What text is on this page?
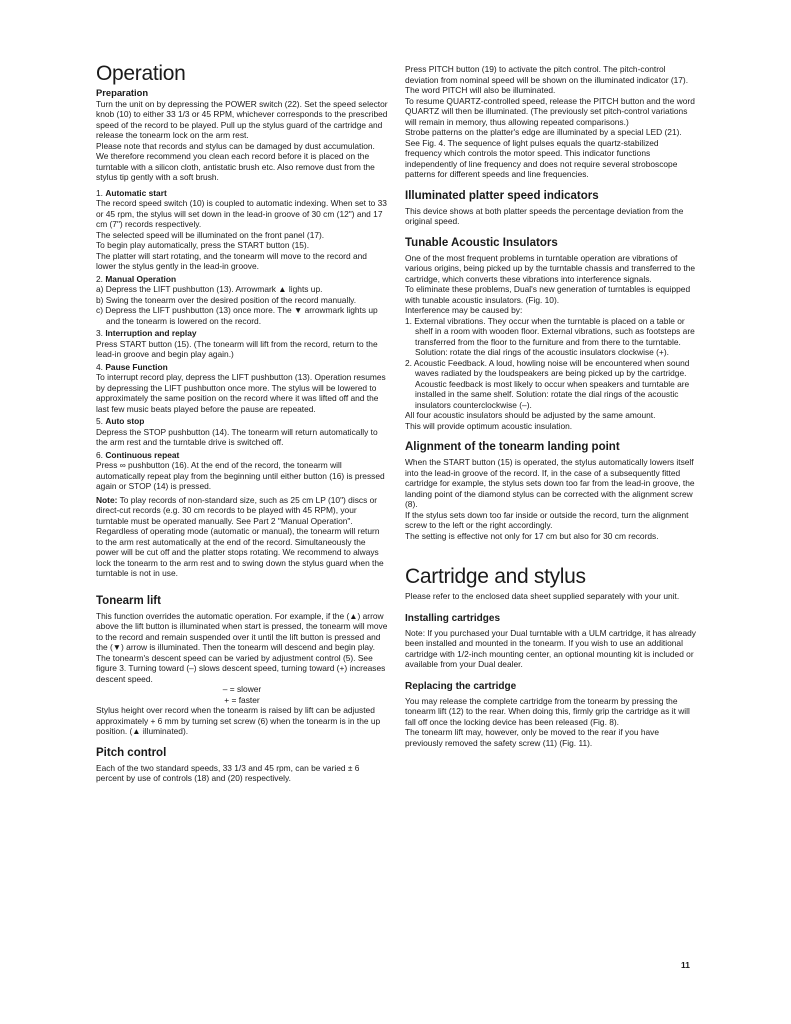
Operation
Preparation

Turn the unit on by depressing the POWER switch (22). Set the speed selector knob (10) to either 33 1/3 or 45 RPM, whichever corresponds to the prescribed speed of the record to be played. Pull up the stylus guard of the cartridge and release the tonearm lock on the arm rest.

Please note that records and stylus can be damaged by dust accumulation. We therefore recommend you clean each record before it is placed on the turntable with a silicon cloth, antistatic brush etc. Also remove dust from the stylus tip gently with a soft brush.

1. Automatic start

The record speed switch (10) is coupled to automatic indexing. When set to 33 or 45 rpm, the stylus will set down in the lead-in groove of 30 cm (12") and 17 cm (7") records respectively.

The selected speed will be illuminated on the front panel (17).

To begin play automatically, press the START button (15).

The platter will start rotating, and the tonearm will move to the record and lower the stylus gently in the lead-in groove.

2. Manual Operation

a) Depress the LIFT pushbutton (13). Arrowmark ▲ lights up.

b) Swing the tonearm over the desired position of the record manually.

c) Depress the LIFT pushbutton (13) once more. The ▼ arrowmark lights up and the tonearm is lowered on the record.

3. Interruption and replay

Press START button (15). (The tonearm will lift from the record, return to the lead-in groove and begin play again.)

4. Pause Function

To interrupt record play, depress the LIFT pushbutton (13). Operation resumes by depressing the LIFT pushbutton once more. The stylus will be lowered to approximately the same position on the record where it was lifted off and the last few music beats played before the pause are repeated.

5. Auto stop

Depress the STOP pushbutton (14). The tonearm will return automatically to the arm rest and the turntable drive is switched off.

6. Continuous repeat

Press ∞ pushbutton (16). At the end of the record, the tonearm will automatically repeat play from the beginning until either button (16) is pressed again or STOP (14) is pressed.

Note: To play records of non-standard size, such as 25 cm LP (10") discs or direct-cut records (e.g. 30 cm records to be played with 45 RPM), your turntable must be operated manually. See Part 2 "Manual Operation".

Regardless of operating mode (automatic or manual), the tonearm will return to the arm rest automatically at the end of the record. Simultaneously the power will be cut off and the platter stops rotating. We recommend to always lock the tonearm to the arm rest and to swing down the stylus guard when the turntable is not in use.

Tonearm lift

This function overrides the automatic operation. For example, if the (▲) arrow above the lift button is illuminated when start is pressed, the tonearm will move to the record and remain suspended over it until the lift button is pressed and the (▼) arrow is illuminated. Then the tonearm will descend and begin play.

The tonearm's descent speed can be varied by adjustment control (5). See figure 3. Turning toward (–) slows descent speed, turning toward (+) increases descent speed.

– = slower

+ = faster

Stylus height over record when the tonearm is raised by lift can be adjusted approximately + 6 mm by turning set screw (6) when the tonearm is in the up position. (▲ illuminated).

Pitch control

Each of the two standard speeds, 33 1/3 and 45 rpm, can be varied ± 6 percent by use of controls (18) and (20) respectively.

Press PITCH button (19) to activate the pitch control. The pitch-control deviation from nominal speed will be shown on the illuminated indicator (17). The word PITCH will also be illuminated.

To resume QUARTZ-controlled speed, release the PITCH button and the word QUARTZ will then be illuminated. (The previously set pitch-control variations will remain in memory, thus allowing repeated comparisons.)

Strobe patterns on the platter's edge are illuminated by a special LED (21). See Fig. 4. The sequence of light pulses equals the quartz-stabilized frequency which controls the motor speed. This indicator functions independently of line frequency and does not require several stroboscope patterns for different speeds and line frequencies.

Illuminated platter speed indicators

This device shows at both platter speeds the percentage deviation from the original speed.

Tunable Acoustic Insulators

One of the most frequent problems in turntable operation are vibrations of various origins, being picked up by the turntable chassis and transferred to the cartridge, which converts these vibrations into interference signals.

To eliminate these problems, Dual's new generation of turntables is equipped with tunable acoustic insulators. (Fig. 10).

Interference may be caused by:

1. External vibrations. They occur when the turntable is placed on a table or shelf in a room with wooden floor. External vibrations, such as footsteps are transferred from the floor to the furniture and from there to the turntable. Solution: rotate the dial rings of the acoustic insulators clockwise (+).

2. Acoustic Feedback. A loud, howling noise will be encountered when sound waves radiated by the loudspeakers are being picked up by the cartridge. Acoustic feedback is most likely to occur when speakers and turntable are installed in the same shelf. Solution: rotate the dial rings of the acoustic insulators counterclockwise (–).

All four acoustic insulators should be adjusted by the same amount.

This will provide optimum acoustic insulation.

Alignment of the tonearm landing point

When the START button (15) is operated, the stylus automatically lowers itself into the lead-in groove of the record. If, in the case of a subsequently fitted cartridge for example, the stylus sets down too far from the lead-in groove, the landing point of the diamond stylus can be corrected with the alignment screw (8).

If the stylus sets down too far inside or outside the record, turn the alignment screw to the left or the right accordingly.

The setting is effective not only for 17 cm but also for 30 cm records.

Cartridge and stylus

Please refer to the enclosed data sheet supplied separately with your unit.

Installing cartridges

Note: If you purchased your Dual turntable with a ULM cartridge, it has already been installed and mounted in the tonearm. If you wish to use an additional cartridge with 1/2-inch mounting center, an optional mounting kit is included or available from your Dual dealer.

Replacing the cartridge

You may release the complete cartridge from the tonearm by pressing the tonearm lift (12) to the rear. When doing this, firmly grip the cartridge as it will fall off once the locking device has been released (Fig. 8).

The tonearm lift may, however, only be moved to the rear if you have previously removed the safety screw (11) (Fig. 11).

11
